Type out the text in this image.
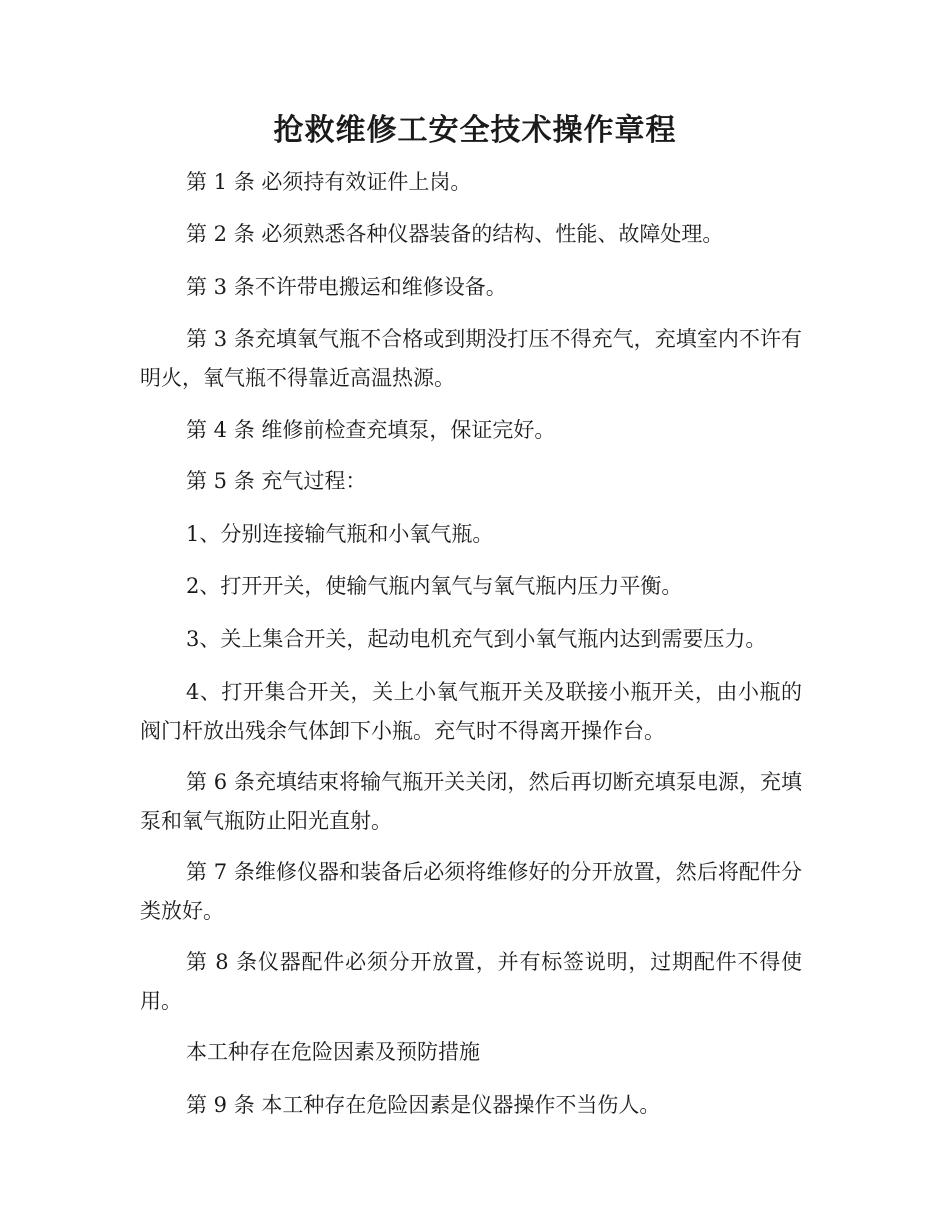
抢救维修工安全技术操作章程
第 1 条 必须持有效证件上岗。
第 2 条 必须熟悉各种仪器装备的结构、性能、故障处理。
第 3 条不许带电搬运和维修设备。
第 3 条充填氧气瓶不合格或到期没打压不得充气，充填室内不许有明火，氧气瓶不得靠近高温热源。
第 4 条 维修前检查充填泵，保证完好。
第 5 条 充气过程：
1、分别连接输气瓶和小氧气瓶。
2、打开开关，使输气瓶内氧气与氧气瓶内压力平衡。
3、关上集合开关，起动电机充气到小氧气瓶内达到需要压力。
4、打开集合开关，关上小氧气瓶开关及联接小瓶开关，由小瓶的阀门杆放出残余气体卸下小瓶。充气时不得离开操作台。
第 6 条充填结束将输气瓶开关关闭，然后再切断充填泵电源，充填泵和氧气瓶防止阳光直射。
第 7 条维修仪器和装备后必须将维修好的分开放置，然后将配件分类放好。
第 8 条仪器配件必须分开放置，并有标签说明，过期配件不得使用。
本工种存在危险因素及预防措施
第 9 条 本工种存在危险因素是仪器操作不当伤人。
